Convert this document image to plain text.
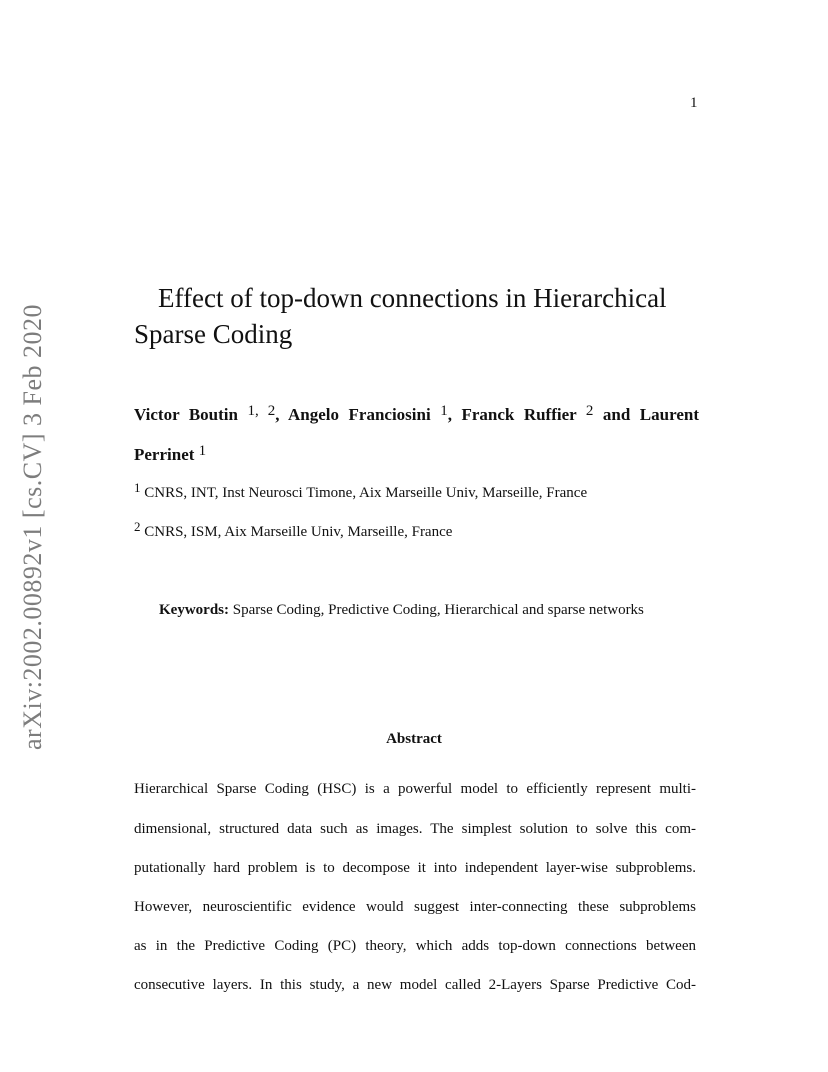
1
arXiv:2002.00892v1 [cs.CV] 3 Feb 2020
Effect of top-down connections in Hierarchical Sparse Coding
Victor Boutin $^{1, 2}$, Angelo Franciosini $^1$, Franck Ruffier $^2$ and Laurent Perrinet $^1$
$^1$ CNRS, INT, Inst Neurosci Timone, Aix Marseille Univ, Marseille, France
$^2$ CNRS, ISM, Aix Marseille Univ, Marseille, France
Keywords: Sparse Coding, Predictive Coding, Hierarchical and sparse networks
Abstract
Hierarchical Sparse Coding (HSC) is a powerful model to efficiently represent multi-
dimensional, structured data such as images. The simplest solution to solve this com-
putationally hard problem is to decompose it into independent layer-wise subproblems.
However, neuroscientific evidence would suggest inter-connecting these subproblems
as in the Predictive Coding (PC) theory, which adds top-down connections between
consecutive layers. In this study, a new model called 2-Layers Sparse Predictive Cod-
